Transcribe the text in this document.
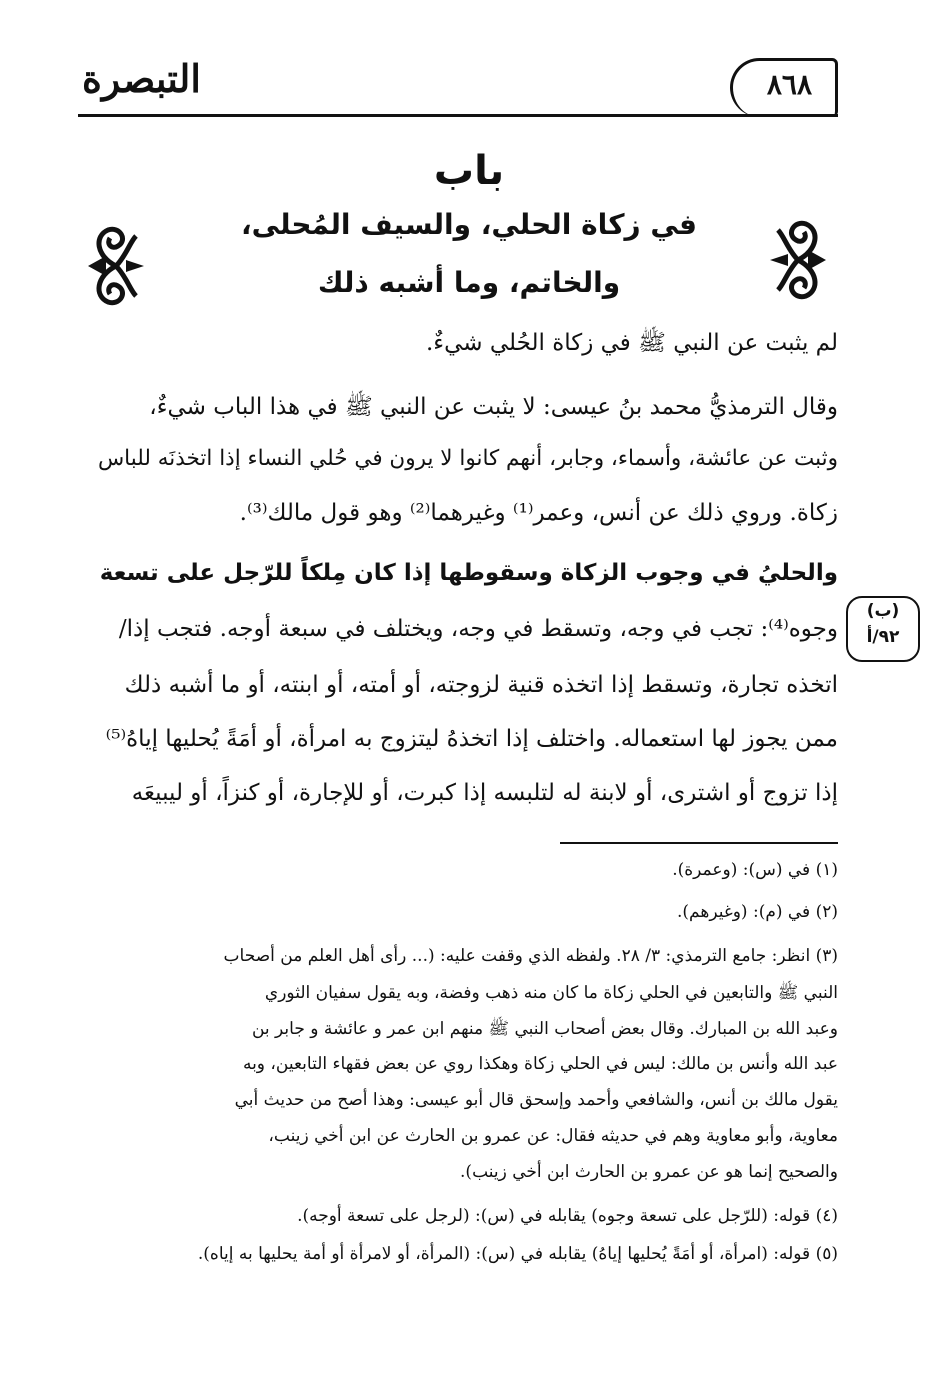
التبصرة	٨٦٨
باب
في زكاة الحلي، والسيف المُحلى،
والخاتم، وما أشبه ذلك
لم يثبت عن النبي ﷺ في زكاة الحُلي شيءٌ.
وقال الترمذيُّ محمد بنُ عيسى: لا يثبت عن النبي ﷺ في هذا الباب شيءٌ،
وثبت عن عائشة، وأسماء، وجابر، أنهم كانوا لا يرون في حُلي النساء إذا اتخذنَه للباس
زكاة. وروي ذلك عن أنس، وعمر⁽¹⁾ وغيرهما⁽²⁾ وهو قول مالك⁽³⁾.
والحليُ في وجوب الزكاة وسقوطها إذا كان مِلكاً للرّجل على تسعة
وجوه⁽⁴⁾: تجب في وجه، وتسقط في وجه، ويختلف في سبعة أوجه. فتجب إذا/
اتخذه تجارة، وتسقط إذا اتخذه قنية لزوجته، أو أمته، أو ابنته، أو ما أشبه ذلك
ممن يجوز لها استعماله. واختلف إذا اتخذهُ ليتزوج به امرأة، أو أمَةً يُحليها إياهُ⁽⁵⁾
إذا تزوج أو اشترى، أو لابنة له لتلبسه إذا كبرت، أو للإجارة، أو كنزاً، أو ليبيعَه
(ب)
٩٢/أ
(١) في (س): (وعمرة).
(٢) في (م): (وغيرهم).
(٣) انظر: جامع الترمذي: ٣/ ٢٨. ولفظه الذي وقفت عليه: (... رأى أهل العلم من أصحاب
النبي ﷺ والتابعين في الحلي زكاة ما كان منه ذهب وفضة، وبه يقول سفيان الثوري
وعبد الله بن المبارك. وقال بعض أصحاب النبي ﷺ منهم ابن عمر و عائشة و جابر بن
عبد الله وأنس بن مالك: ليس في الحلي زكاة وهكذا روي عن بعض فقهاء التابعين، وبه
يقول مالك بن أنس، والشافعي وأحمد وإسحق قال أبو عيسى: وهذا أصح من حديث أبي
معاوية، وأبو معاوية وهم في حديثه فقال: عن عمرو بن الحارث عن ابن أخي زينب،
والصحيح إنما هو عن عمرو بن الحارث ابن أخي زينب).
(٤) قوله: (للرّجل على تسعة وجوه) يقابله في (س): (لرجل على تسعة أوجه).
(٥) قوله: (امرأة، أو أمَةً يُحليها إياهُ) يقابله في (س): (المرأة، أو لامرأة أو أمة يحليها به إياه).
